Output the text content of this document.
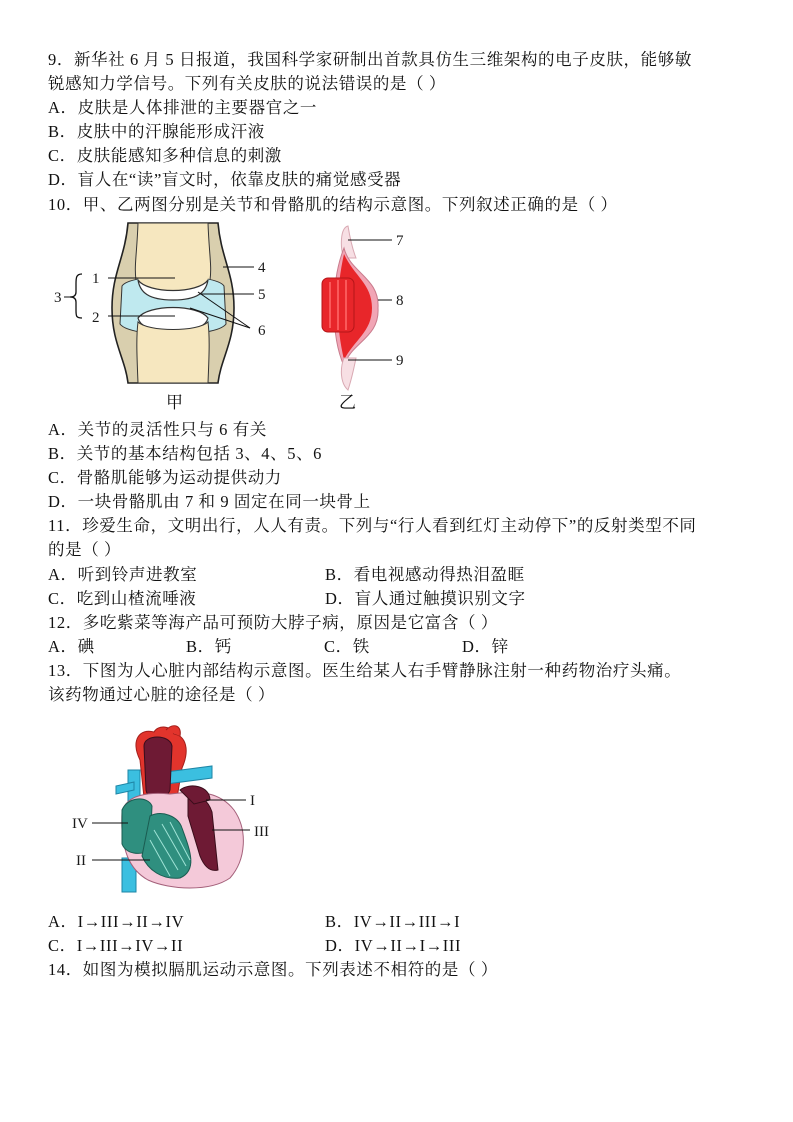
9．新华社 6 月 5 日报道，我国科学家研制出首款具仿生三维架构的电子皮肤，能够敏
锐感知力学信号。下列有关皮肤的说法错误的是（ ）
A．皮肤是人体排泄的主要器官之一
B．皮肤中的汗腺能形成汗液
C．皮肤能感知多种信息的刺激
D．盲人在“读”盲文时，依靠皮肤的痛觉感受器
10．甲、乙两图分别是关节和骨骼肌的结构示意图。下列叙述正确的是（ ）
1
2
3
4
5
6
甲
7
8
9
乙
A．关节的灵活性只与 6 有关
B．关节的基本结构包括 3、4、5、6
C．骨骼肌能够为运动提供动力
D．一块骨骼肌由 7 和 9 固定在同一块骨上
11．珍爱生命，文明出行，人人有责。下列与“行人看到红灯主动停下”的反射类型不同
的是（ ）
A．听到铃声进教室	B．看电视感动得热泪盈眶
C．吃到山楂流唾液	D．盲人通过触摸识别文字
12．多吃紫菜等海产品可预防大脖子病，原因是它富含（ ）
A．碘	B．钙	C．铁	D．锌
13．下图为人心脏内部结构示意图。医生给某人右手臂静脉注射一种药物治疗头痛。
该药物通过心脏的途径是（ ）
I
III
IV
II
A．I→III→II→IV	B．IV→II→III→I
C．I→III→IV→II	D．IV→II→I→III
14．如图为模拟膈肌运动示意图。下列表述不相符的是（ ）
